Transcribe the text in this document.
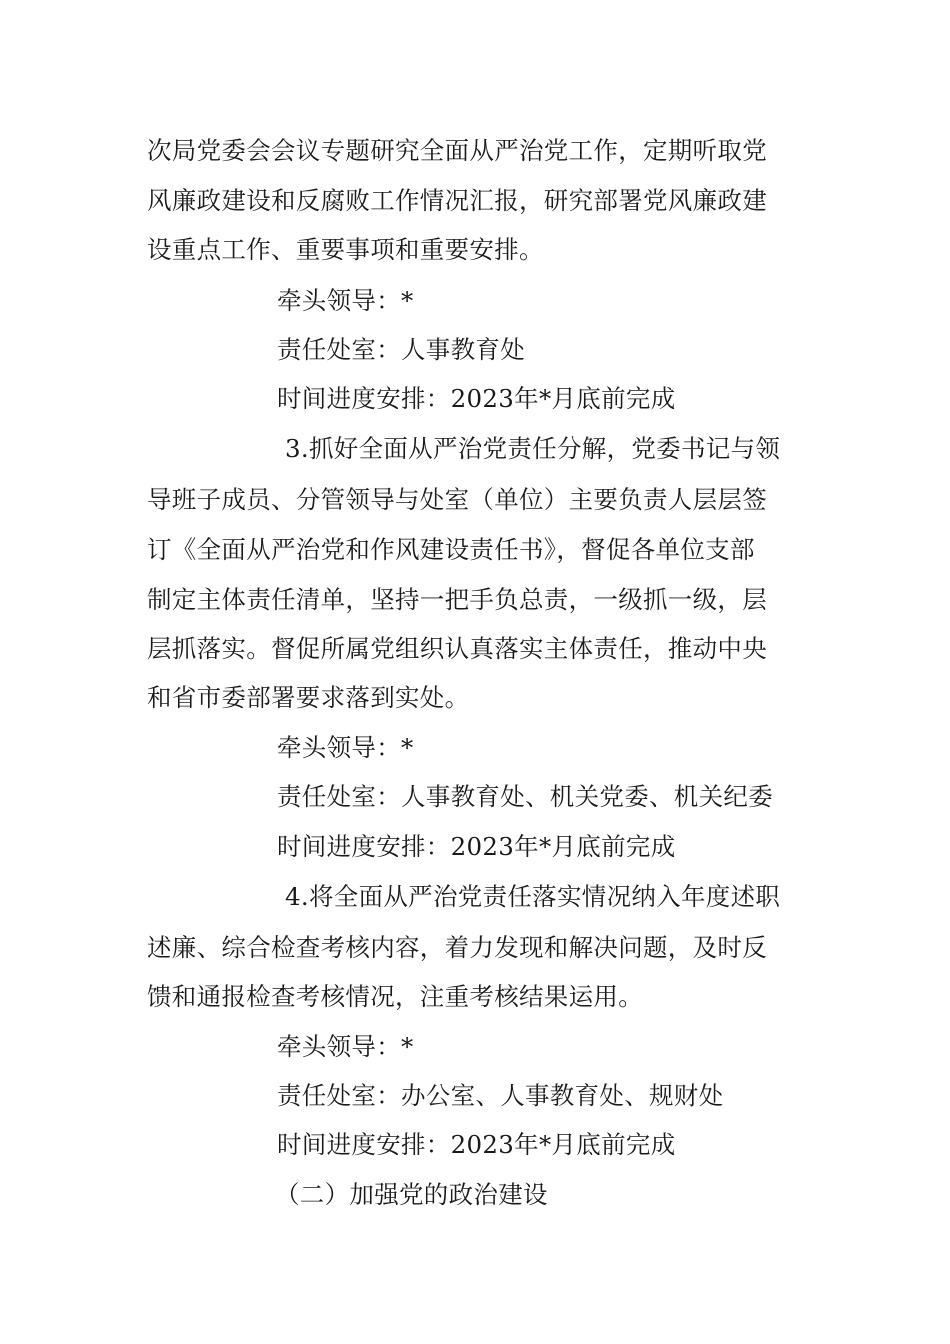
次局党委会会议专题研究全面从严治党工作，定期听取党
风廉政建设和反腐败工作情况汇报，研究部署党风廉政建
设重点工作、重要事项和重要安排。
牵头领导：*
责任处室：人事教育处
时间进度安排：2023年*月底前完成
3.抓好全面从严治党责任分解，党委书记与领
导班子成员、分管领导与处室（单位）主要负责人层层签
订《全面从严治党和作风建设责任书》，督促各单位支部
制定主体责任清单，坚持一把手负总责，一级抓一级，层
层抓落实。督促所属党组织认真落实主体责任，推动中央
和省市委部署要求落到实处。
牵头领导：*
责任处室：人事教育处、机关党委、机关纪委
时间进度安排：2023年*月底前完成
4.将全面从严治党责任落实情况纳入年度述职
述廉、综合检查考核内容，着力发现和解决问题，及时反
馈和通报检查考核情况，注重考核结果运用。
牵头领导：*
责任处室：办公室、人事教育处、规财处
时间进度安排：2023年*月底前完成
（二）加强党的政治建设
